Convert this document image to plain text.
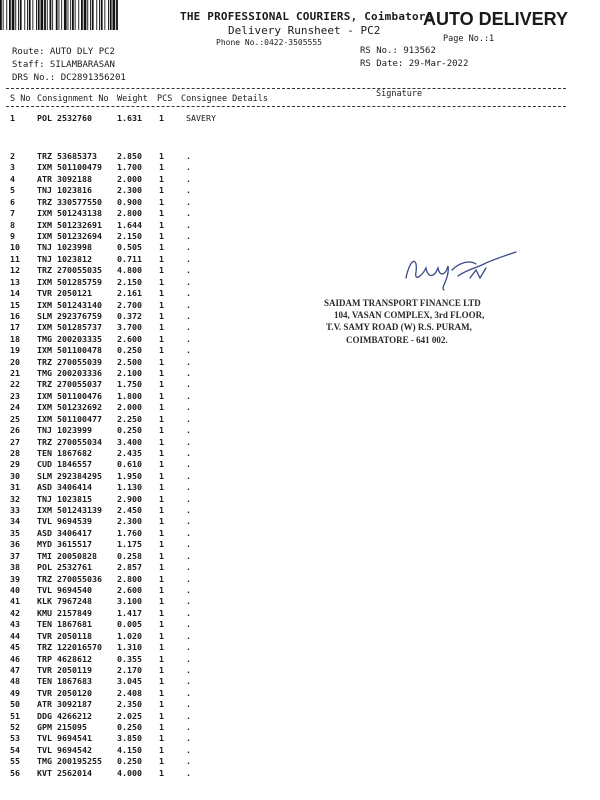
THE PROFESSIONAL COURIERS, Coimbatore
Delivery Runsheet - PC2
AUTO DELIVERY
Phone No.:0422-3505555	Page No.:1
Route: AUTO DLY PC2
Staff: SILAMBARASAN
DRS No.: DC2891356201
RS No.: 913562
RS Date: 29-Mar-2022
S No Consignment No Weight PCS Consignee Details	Signature
1	POL 2532760	1.631 1	SAVERY
2	TRZ 53685373 2.850 1	.
3	IXM 501100479 1.700 1	.
4	ATR 3092188	2.000 1	.
5	TNJ 1023816	2.300 1	.
6	TRZ 330577550 0.900 1	.
7	IXM 501243138 2.800 1	.
8	IXM 501232691 1.644 1	.
9	IXM 501232694 2.150 1	.
10 TNJ 1023998	0.505 1	.
11 TNJ 1023812	0.711 1	.
12 TRZ 270055035 4.800 1	.
13 IXM 501285759 2.150 1	.
14 TVR 2050121	2.161 1	.
15 IXM 501243140 2.700 1	.
16 SLM 292376759 0.372 1	.
17 IXM 501285737 3.700 1	.
18 TMG 200203335 2.600 1	.
19 IXM 501100478 0.250 1	.
20 TRZ 270055039 2.500 1	.
21 TMG 200203336 2.100 1	.
22 TRZ 270055037 1.750 1	.
23 IXM 501100476 1.800 1	.
24 IXM 501232692 2.000 1	.
25 IXM 501100477 2.250 1	.
26 TNJ 1023999	0.250 1	.
27 TRZ 270055034 3.400 1	.
28 TEN 1867682	2.435 1	.
29 CUD 1846557	0.610 1	.
30 SLM 292384295 1.950 1	.
31 ASD 3406414	1.130 1	.
32 TNJ 1023815	2.900 1	.
33 IXM 501243139 2.450 1	.
34 TVL 9694539	2.300 1	.
35 ASD 3406417	1.760 1	.
36 MYD 3615517	1.175 1	.
37 TMI 20050828 0.258 1	.
38 POL 2532761	2.857 1	.
39 TRZ 270055036 2.800 1	.
40 TVL 9694540	2.600 1	.
41 KLK 7967248	3.100 1	.
42 KMU 2157849	1.417 1	.
43 TEN 1867681	0.005 1	.
44 TVR 2050118	1.020 1	.
45 TRZ 122016570 1.310 1	.
46 TRP 4628612	0.355 1	.
47 TVR 2050119	2.170 1	.
48 TEN 1867683	3.045 1	.
49 TVR 2050120	2.408 1	.
50 ATR 3092187	2.350 1	.
51 DDG 4266212	2.025 1	.
52 GPM 215095	0.250 1	.
53 TVL 9694541	3.850 1	.
54 TVL 9694542	4.150 1	.
55 TMG 200195255 0.250 1	.
56 KVT 2562014	4.000 1	.
SAIDAM TRANSPORT FINANCE LTD
104, VASAN COMPLEX, 3rd FLOOR,
T.V. SAMY ROAD (W) R.S. PURAM,
COIMBATORE - 641 002.
